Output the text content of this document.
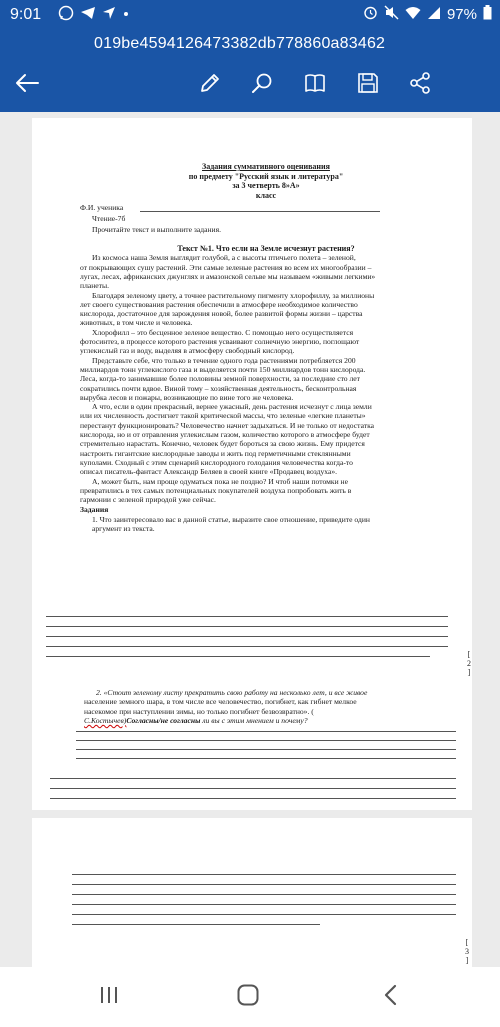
9:01	97%
019be4594126473382db778860a83462
Задания суммативного оценивания
по предмету "Русский язык и литература"
за 3 четверть 8»А»
класс
Ф.И. ученика
Чтение-7б
Прочитайте текст и выполните задания.
Текст №1. Что если на Земле исчезнут растения?
Из космоса наша Земля выглядит голубой, а с высоты птичьего полета – зеленой,
от покрывающих сушу растений. Эти самые зеленые растения во всем их многообразии –
лугах, лесах, африканских джунглях и амазонской сельве мы называем «живыми легкими»
планеты.
Благодаря зеленому цвету, а точнее растительному пигменту хлорофиллу, за миллионы
лет своего существования растения обеспечили в атмосфере необходимое количество
кислорода, достаточное для зарождения новой, более развитой формы жизни – царства
животных, в том числе и человека.
Хлорофилл – это бесценное зеленое вещество. С помощью него осуществляется
фотосинтез, в процессе которого растения усваивают солнечную энергию, поглощают
углекислый газ и воду, выделяя в атмосферу свободный кислород.
Представьте себе, что только в течение одного года растениями потребляется 200
миллиардов тонн углекислого газа и выделяется почти 150 миллиардов тонн кислорода.
Леса, когда-то занимавшие более половины земной поверхности, за последние сто лет
сократились почти вдвое. Виной тому – хозяйственная деятельность, бесконтрольная
вырубка лесов и пожары, возникающие по вине того же человека.
А что, если в один прекрасный, вернее ужасный, день растения исчезнут с лица земли
или их численность достигнет такой критической массы, что зеленые «легкие планеты»
перестанут функционировать? Человечество начнет задыхаться. И не только от недостатка
кислорода, но и от отравления углекислым газом, количество которого в атмосфере будет
стремительно нарастать. Конечно, человек будет бороться за свою жизнь. Ему придется
настроить гигантские кислородные заводы и жить под герметичными стеклянными
куполами. Сходный с этим сценарий кислородного голодания человечества когда-то
описал писатель-фантаст Александр Беляев в своей книге «Продавец воздуха».
А, может быть, нам проще одуматься пока не поздно? И чтоб наши потомки не
превратились в тех самых потенциальных покупателей воздуха попробовать жить в
гармонии с зеленой природой уже сейчас.
Задания
1. Что заинтересовало вас в данной статье, выразите свое отношение, приведите один
аргумент из текста.
[
2
]
2. «Стоит зеленому листу прекратить свою работу на несколько лет, и все живое
население земного шара, в том числе все человечество, погибнет, как гибнет мелкое
насекомое при наступлении зимы, но только погибнет безвозвратно». (
С.Костычев)Согласны/не согласны ли вы с этим мнением и почему?
[
3
]
